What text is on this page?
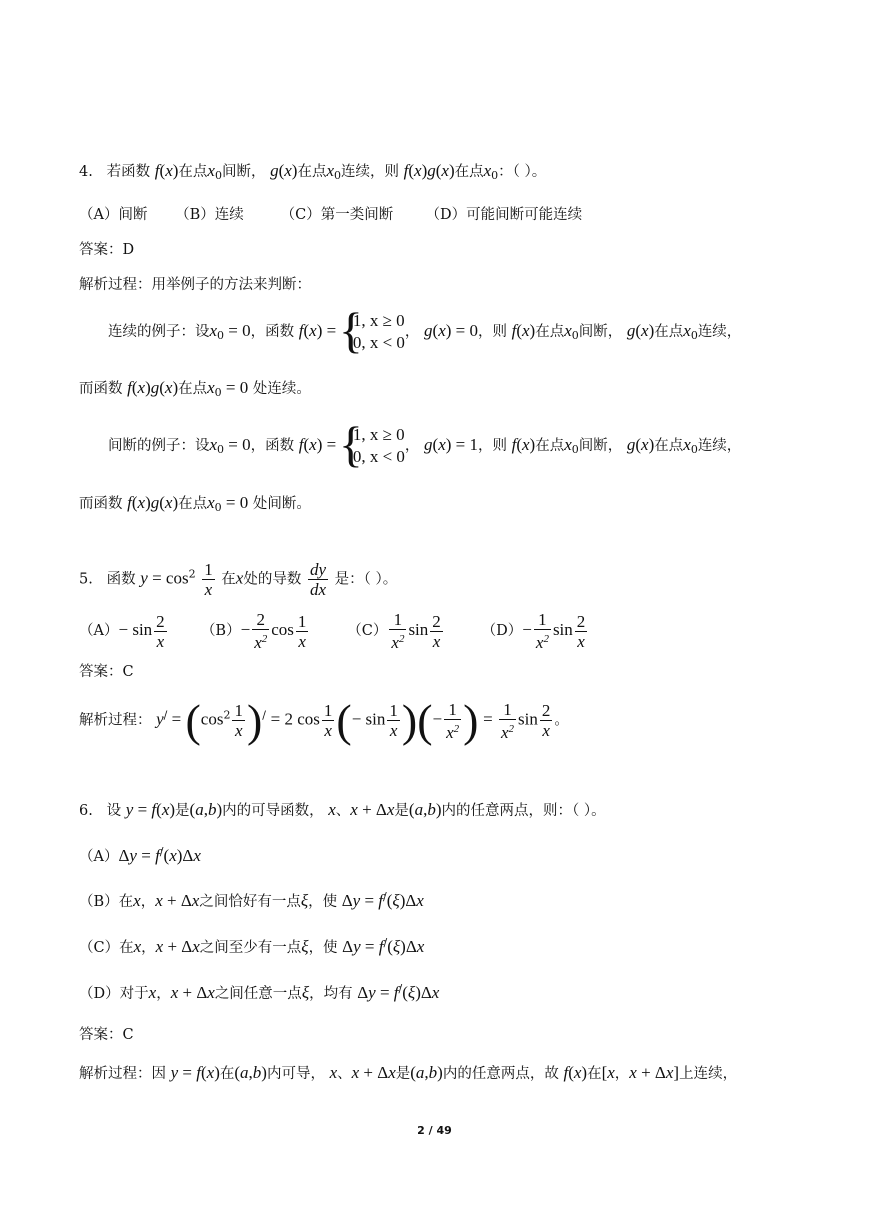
4. 若函数 f(x)在点$x_0$间断， g(x)在点$x_0$连续，则 f(x)g(x)在点$x_0$：（ ）。
（A）间断 （B）连续	（C）第一类间断 （D）可能间断可能连续
答案：D
解析过程：用举例子的方法来判断：
连续的例子：设$x_0 = 0$，函数 f(x) =
{ 1, x ≥ 0
0, x < 0
， g(x) = 0，则 f(x)在点$x_0$间断， g(x)在点$x_0$连续，
而函数 f(x)g(x)在点$x_0 = 0$ 处连续。
间断的例子：设$x_0 = 0$，函数 f(x) =
{ 1, x ≥ 0
0, x < 0
， g(x) = 1，则 f(x)在点$x_0$间断， g(x)在点$x_0$连续，
而函数 f(x)g(x)在点$x_0 = 0$ 处间断。
5. 函数 $y = \cos^2 \frac{1}{x}$ 在x处的导数 $\frac{dy}{dx}$ 是：（ ）。
$(A)- \sin \frac{2}{x} (B)- \frac{2}{x^2}$ $\cos \frac{1}{x}$	$(C) \frac{1}{x^2}$ $\sin \frac{2}{x}$	$(D)- \frac{1}{x^2}$ $\sin \frac{2}{x}$
答案：C
解析过程： $y^/ = (\cos^2 \frac{1}{x} )^/ = 2$ $\cos \frac{1}{x}$ (− $\sin \frac{1}{x}$ )(− $\frac{1}{x^2}$ ) = $\frac{1}{x^2}$ $\sin \frac{2}{x}$ 。
6. 设 y = f(x)是(a,b)内的可导函数， x、x + Δx是(a,b)内的任意两点，则：（ ）。
（A）Δy = f/(x)Δx
（B）在x，x + Δx之间恰好有一点ξ，使 Δy = f/(ξ)Δx
（C）在x，x + Δx之间至少有一点ξ，使 Δy = f/(ξ)Δx
（D）对于x，x + Δx之间任意一点ξ，均有 Δy = f/(ξ)Δx
答案：C
解析过程：因 y = f(x)在(a,b)内可导， x、x + Δx是(a,b)内的任意两点，故 f(x)在[x，x + Δx]上连续，
2 / 49
